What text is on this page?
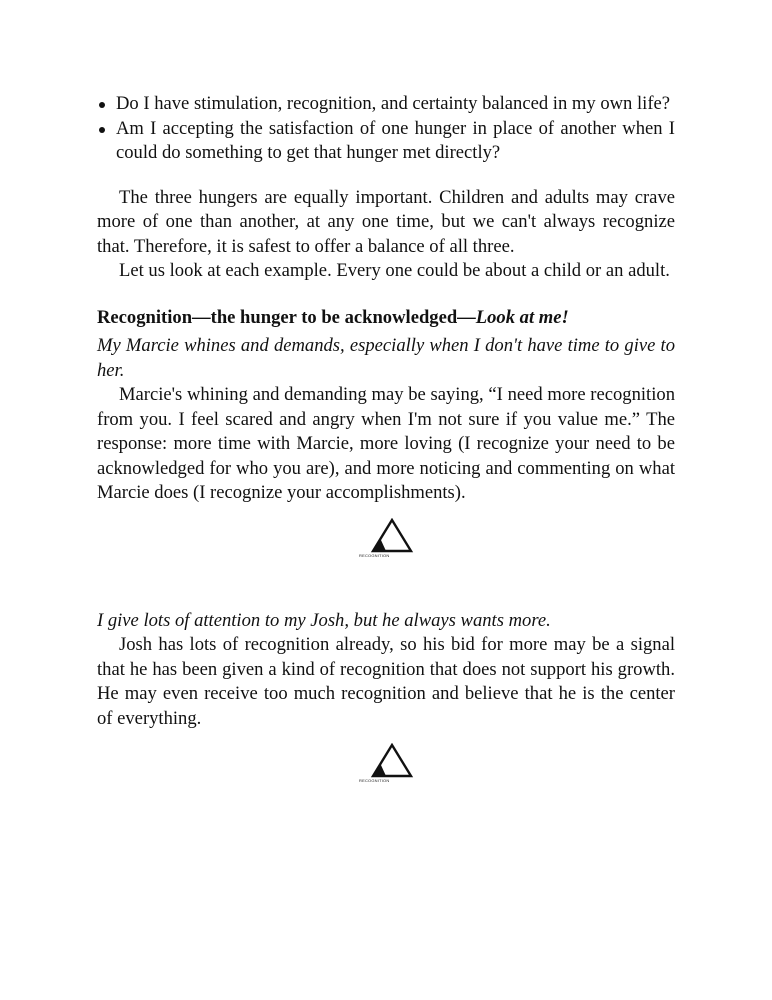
Do I have stimulation, recognition, and certainty balanced in my own life?
Am I accepting the satisfaction of one hunger in place of another when I could do something to get that hunger met directly?

The three hungers are equally important. Children and adults may crave more of one than another, at any one time, but we can't always recognize that. Therefore, it is safest to offer a balance of all three.

Let us look at each example. Every one could be about a child or an adult.

Recognition—the hunger to be acknowledged—Look at me!

My Marcie whines and demands, especially when I don't have time to give to her.

Marcie's whining and demanding may be saying, “I need more recognition from you. I feel scared and angry when I'm not sure if you value me.” The response: more time with Marcie, more loving (I recognize your need to be acknowledged for who you are), and more noticing and commenting on what Marcie does (I recognize your accomplishments).

RECOGNITION

I give lots of attention to my Josh, but he always wants more.

Josh has lots of recognition already, so his bid for more may be a signal that he has been given a kind of recognition that does not support his growth. He may even receive too much recognition and believe that he is the center of everything.

RECOGNITION
